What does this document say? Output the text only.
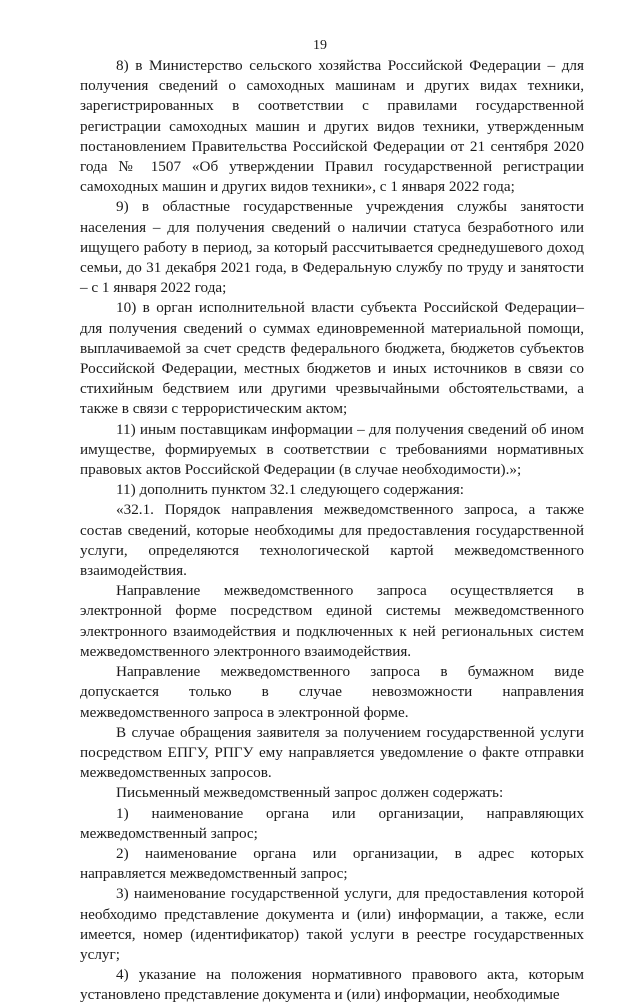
19

8) в Министерство сельского хозяйства Российской Федерации – для получения сведений о самоходных машинам и других видах техники, зарегистрированных в соответствии с правилами государственной регистрации самоходных машин и других видов техники, утвержденным постановлением Правительства Российской Федерации от 21 сентября 2020 года № 1507 «Об утверждении Правил государственной регистрации самоходных машин и других видов техники», с 1 января 2022 года;

9) в областные государственные учреждения службы занятости населения – для получения сведений о наличии статуса безработного или ищущего работу в период, за который рассчитывается среднедушевого доход семьи, до 31 декабря 2021 года, в Федеральную службу по труду и занятости – с 1 января 2022 года;

10) в орган исполнительной власти субъекта Российской Федерации– для получения сведений о суммах единовременной материальной помощи, выплачиваемой за счет средств федерального бюджета, бюджетов субъектов Российской Федерации, местных бюджетов и иных источников в связи со стихийным бедствием или другими чрезвычайными обстоятельствами, а также в связи с террористическим актом;

11) иным поставщикам информации – для получения сведений об ином имуществе, формируемых в соответствии с требованиями нормативных правовых актов Российской Федерации (в случае необходимости).»;

11) дополнить пунктом 32.1 следующего содержания:

«32.1. Порядок направления межведомственного запроса, а также состав сведений, которые необходимы для предоставления государственной услуги, определяются технологической картой межведомственного взаимодействия.

Направление межведомственного запроса осуществляется в электронной форме посредством единой системы межведомственного электронного взаимодействия и подключенных к ней региональных систем межведомственного электронного взаимодействия.

Направление межведомственного запроса в бумажном виде допускается только в случае невозможности направления межведомственного запроса в электронной форме.

В случае обращения заявителя за получением государственной услуги посредством ЕПГУ, РПГУ ему направляется уведомление о факте отправки межведомственных запросов.

Письменный межведомственный запрос должен содержать:

1) наименование органа или организации, направляющих межведомственный запрос;

2) наименование органа или организации, в адрес которых направляется межведомственный запрос;

3) наименование государственной услуги, для предоставления которой необходимо представление документа и (или) информации, а также, если имеется, номер (идентификатор) такой услуги в реестре государственных услуг;

4) указание на положения нормативного правового акта, которым установлено представление документа и (или) информации, необходимые
